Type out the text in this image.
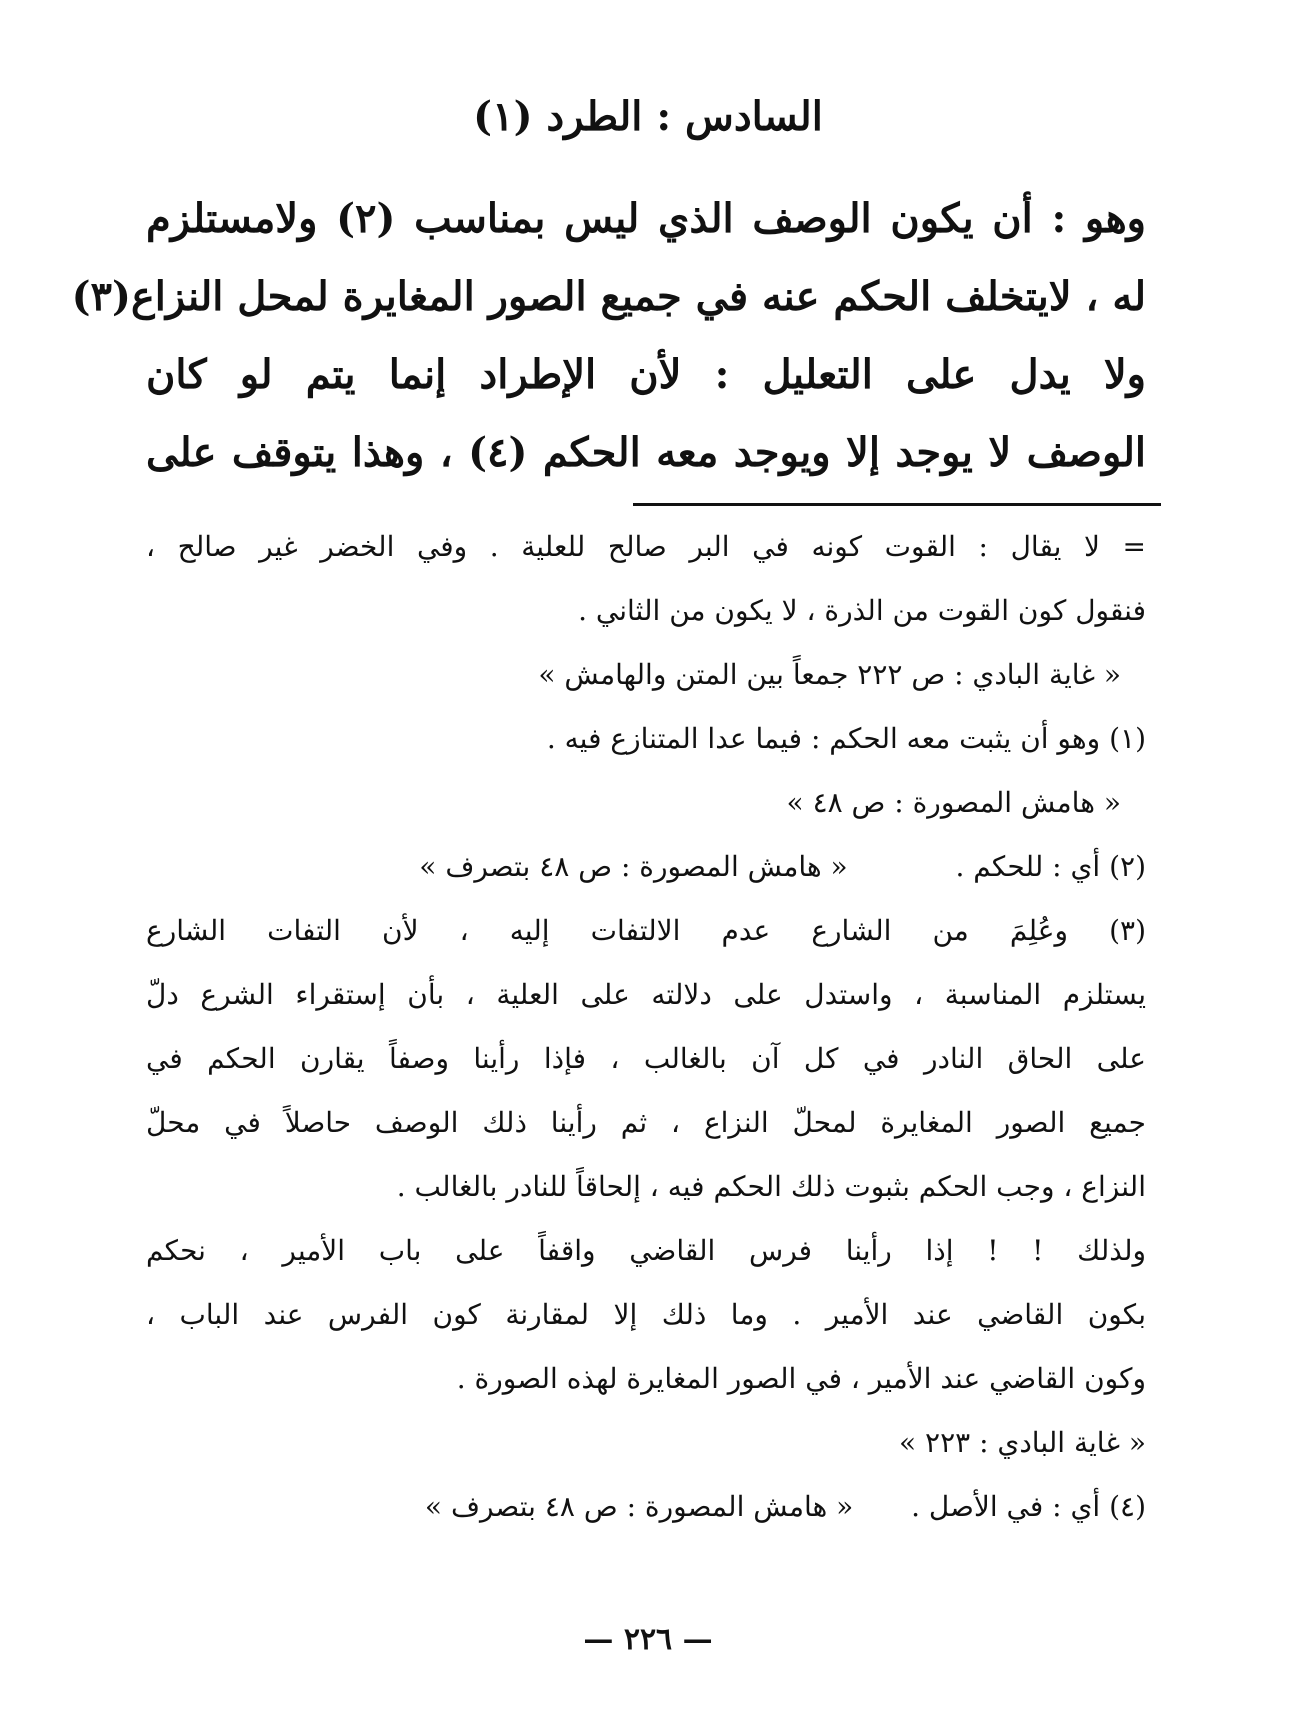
السادس : الطرد (١)
وهو : أن يكون الوصف الذي ليس بمناسب (٢) ولامستلزم
له ، لايتخلف الحكم عنه في جميع الصور المغايرة لمحل النزاع(٣)
ولا يدل على التعليل : لأن الإطراد إنما يتم لو كان
الوصف لا يوجد إلا ويوجد معه الحكم (٤) ، وهذا يتوقف على
= لا يقال : القوت كونه في البر صالح للعلية . وفي الخضر غير صالح ،
فنقول كون القوت من الذرة ، لا يكون من الثاني .
« غاية البادي : ص ٢٢٢ جمعاً بين المتن والهامش »
(١) وهو أن يثبت معه الحكم : فيما عدا المتنازع فيه .
« هامش المصورة : ص ٤٨ »
(٢) أي : للحكم .  « هامش المصورة : ص ٤٨ بتصرف »
(٣) وعُلِمَ من الشارع عدم الالتفات إليه ، لأن التفات الشارع
يستلزم المناسبة ، واستدل على دلالته على العلية ، بأن إستقراء الشرع دلّ
على الحاق النادر في كل آن بالغالب ، فإذا رأينا وصفاً يقارن الحكم في
جميع الصور المغايرة لمحلّ النزاع ، ثم رأينا ذلك الوصف حاصلاً في محلّ
النزاع ، وجب الحكم بثبوت ذلك الحكم فيه ، إلحاقاً للنادر بالغالب .
ولذلك ! ! إذا رأينا فرس القاضي واقفاً على باب الأمير ، نحكم
بكون القاضي عند الأمير . وما ذلك إلا لمقارنة كون الفرس عند الباب ،
وكون القاضي عند الأمير ، في الصور المغايرة لهذه الصورة .
« غاية البادي : ٢٢٣ »
(٤) أي : في الأصل .  « هامش المصورة : ص ٤٨ بتصرف »
— ٢٢٦ —
